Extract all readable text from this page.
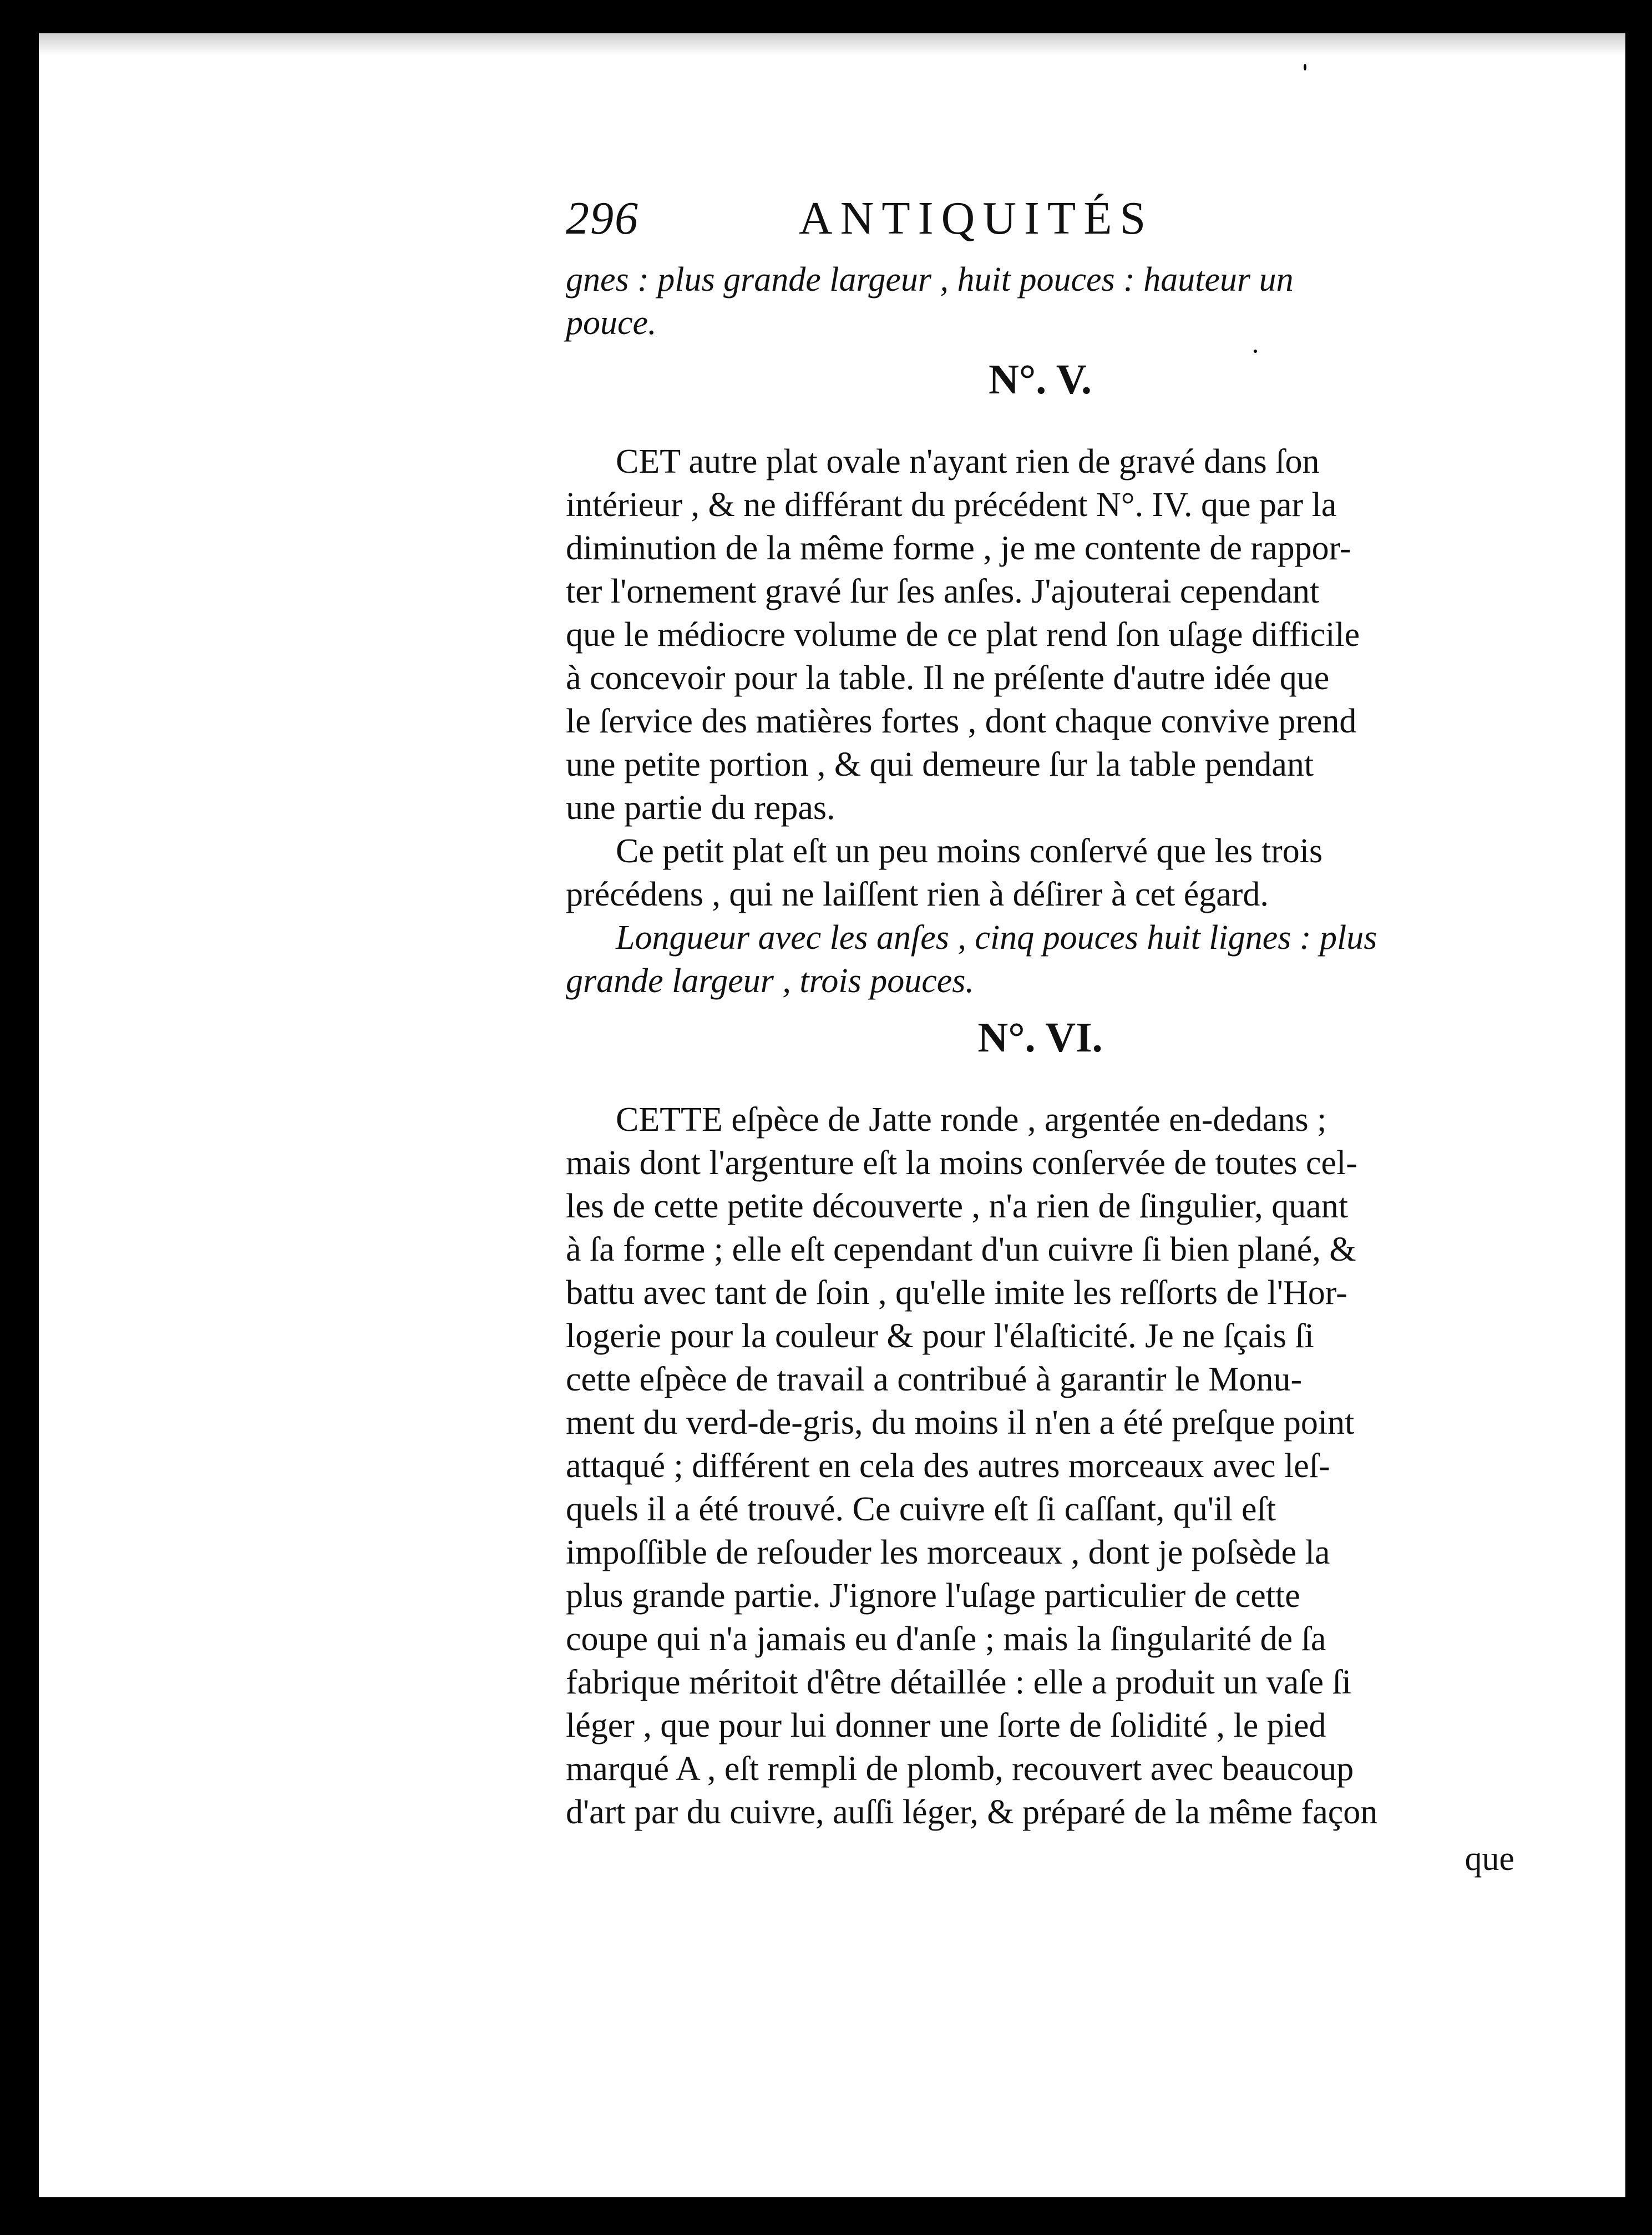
296	ANTIQUITÉS
gnes : plus grande largeur , huit pouces : hauteur un
pouce.
N°. V.
CET autre plat ovale n'ayant rien de gravé dans ſon
intérieur , & ne différant du précédent N°. IV. que par la
diminution de la même forme , je me contente de rappor-
ter l'ornement gravé ſur ſes anſes. J'ajouterai cependant
que le médiocre volume de ce plat rend ſon uſage difficile
à concevoir pour la table. Il ne préſente d'autre idée que
le ſervice des matières fortes , dont chaque convive prend
une petite portion , & qui demeure ſur la table pendant
une partie du repas.
Ce petit plat eſt un peu moins conſervé que les trois
précédens , qui ne laiſſent rien à déſirer à cet égard.
Longueur avec les anſes , cinq pouces huit lignes : plus
grande largeur , trois pouces.
N°. VI.
CETTE eſpèce de Jatte ronde , argentée en-dedans ;
mais dont l'argenture eſt la moins conſervée de toutes cel-
les de cette petite découverte , n'a rien de ſingulier, quant
à ſa forme ; elle eſt cependant d'un cuivre ſi bien plané, &
battu avec tant de ſoin , qu'elle imite les reſſorts de l'Hor-
logerie pour la couleur & pour l'élaſticité. Je ne ſçais ſi
cette eſpèce de travail a contribué à garantir le Monu-
ment du verd-de-gris, du moins il n'en a été preſque point
attaqué ; différent en cela des autres morceaux avec leſ-
quels il a été trouvé. Ce cuivre eſt ſi caſſant, qu'il eſt
impoſſible de reſouder les morceaux , dont je poſsède la
plus grande partie. J'ignore l'uſage particulier de cette
coupe qui n'a jamais eu d'anſe ; mais la ſingularité de ſa
fabrique méritoit d'être détaillée : elle a produit un vaſe ſi
léger , que pour lui donner une ſorte de ſolidité , le pied
marqué A , eſt rempli de plomb, recouvert avec beaucoup
d'art par du cuivre, auſſi léger, & préparé de la même façon
que
